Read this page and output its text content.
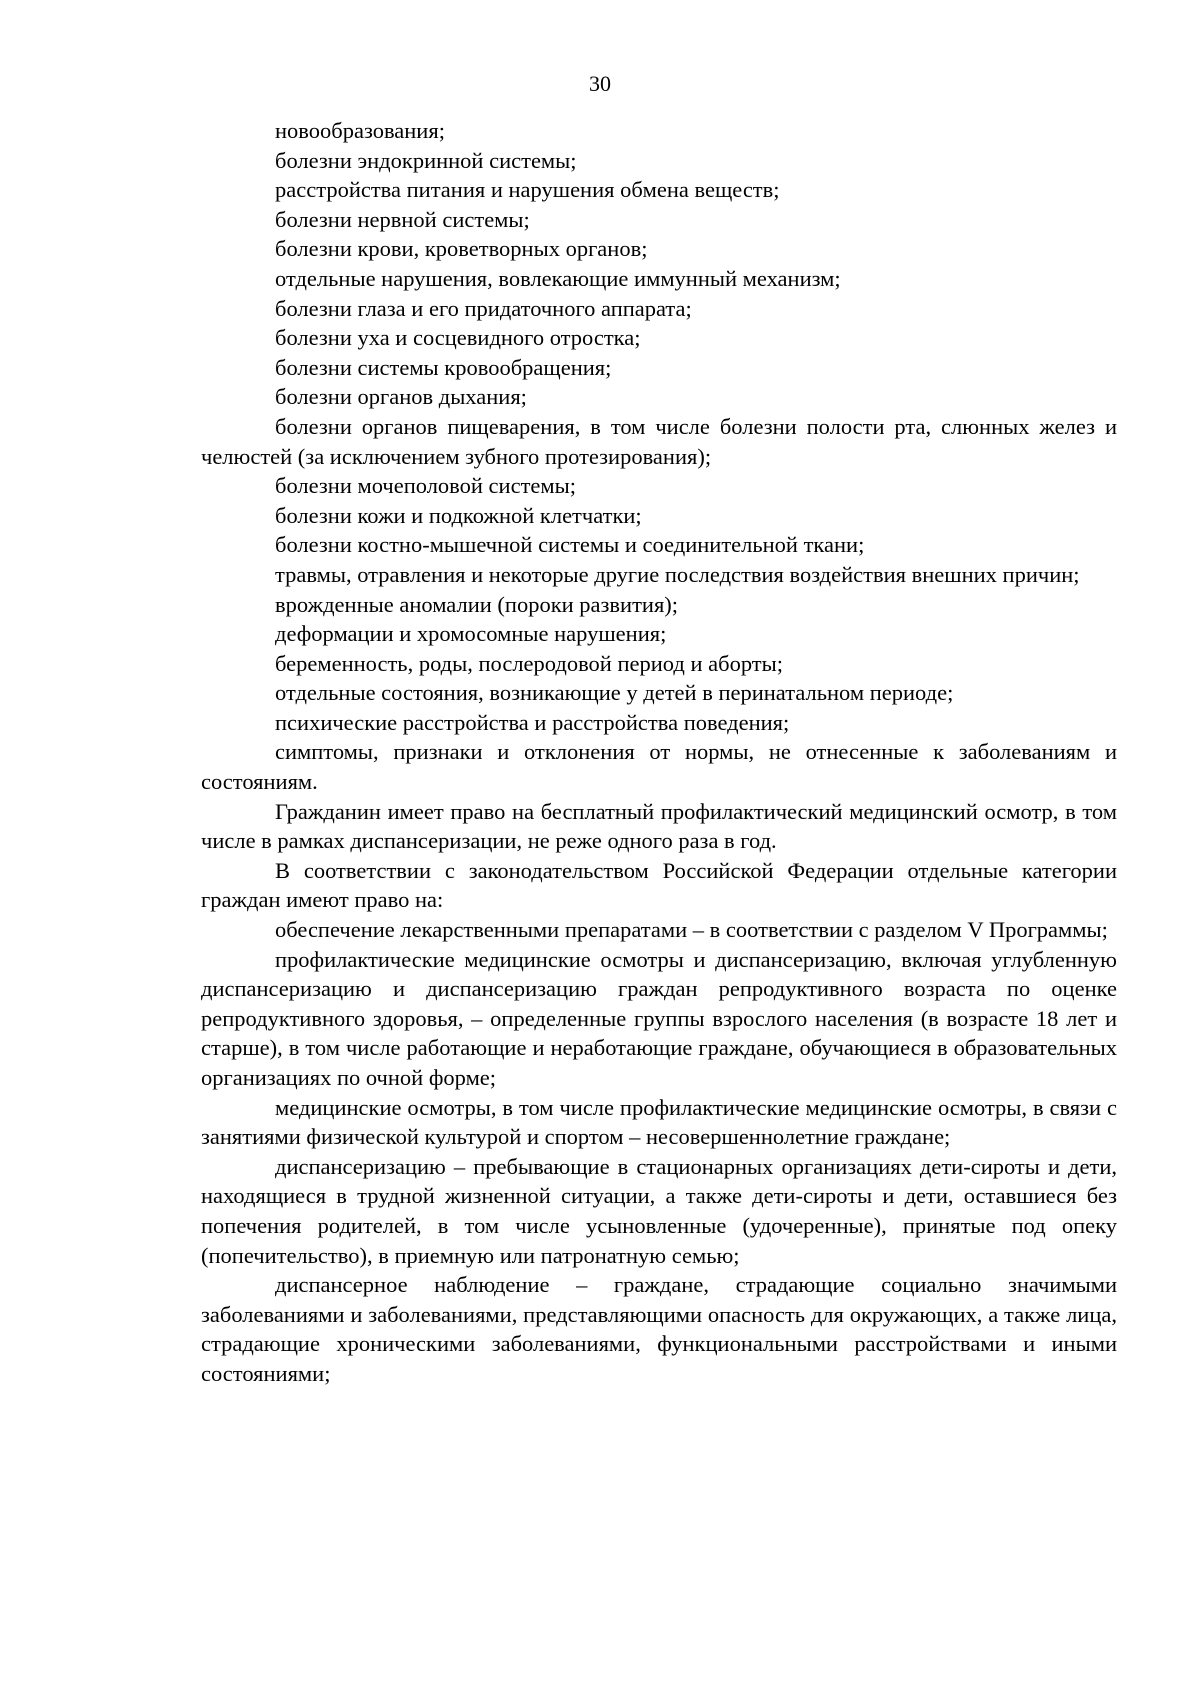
30

новообразования;

болезни эндокринной системы;

расстройства питания и нарушения обмена веществ;

болезни нервной системы;

болезни крови, кроветворных органов;

отдельные нарушения, вовлекающие иммунный механизм;

болезни глаза и его придаточного аппарата;

болезни уха и сосцевидного отростка;

болезни системы кровообращения;

болезни органов дыхания;

болезни органов пищеварения, в том числе болезни полости рта, слюнных желез и челюстей (за исключением зубного протезирования);

болезни мочеполовой системы;

болезни кожи и подкожной клетчатки;

болезни костно-мышечной системы и соединительной ткани;

травмы, отравления и некоторые другие последствия воздействия внешних причин;

врожденные аномалии (пороки развития);

деформации и хромосомные нарушения;

беременность, роды, послеродовой период и аборты;

отдельные состояния, возникающие у детей в перинатальном периоде;

психические расстройства и расстройства поведения;

симптомы, признаки и отклонения от нормы, не отнесенные к заболеваниям и состояниям.

Гражданин имеет право на бесплатный профилактический медицинский осмотр, в том числе в рамках диспансеризации, не реже одного раза в год.

В соответствии с законодательством Российской Федерации отдельные категории граждан имеют право на:

обеспечение лекарственными препаратами – в соответствии с разделом V Программы;

профилактические медицинские осмотры и диспансеризацию, включая углубленную диспансеризацию и диспансеризацию граждан репродуктивного возраста по оценке репродуктивного здоровья, – определенные группы взрослого населения (в возрасте 18 лет и старше), в том числе работающие и неработающие граждане, обучающиеся в образовательных организациях по очной форме;

медицинские осмотры, в том числе профилактические медицинские осмотры, в связи с занятиями физической культурой и спортом – несовершеннолетние граждане;

диспансеризацию – пребывающие в стационарных организациях дети-сироты и дети, находящиеся в трудной жизненной ситуации, а также дети-сироты и дети, оставшиеся без попечения родителей, в том числе усыновленные (удочеренные), принятые под опеку (попечительство), в приемную или патронатную семью;

диспансерное наблюдение – граждане, страдающие социально значимыми заболеваниями и заболеваниями, представляющими опасность для окружающих, а также лица, страдающие хроническими заболеваниями, функциональными расстройствами и иными состояниями;
